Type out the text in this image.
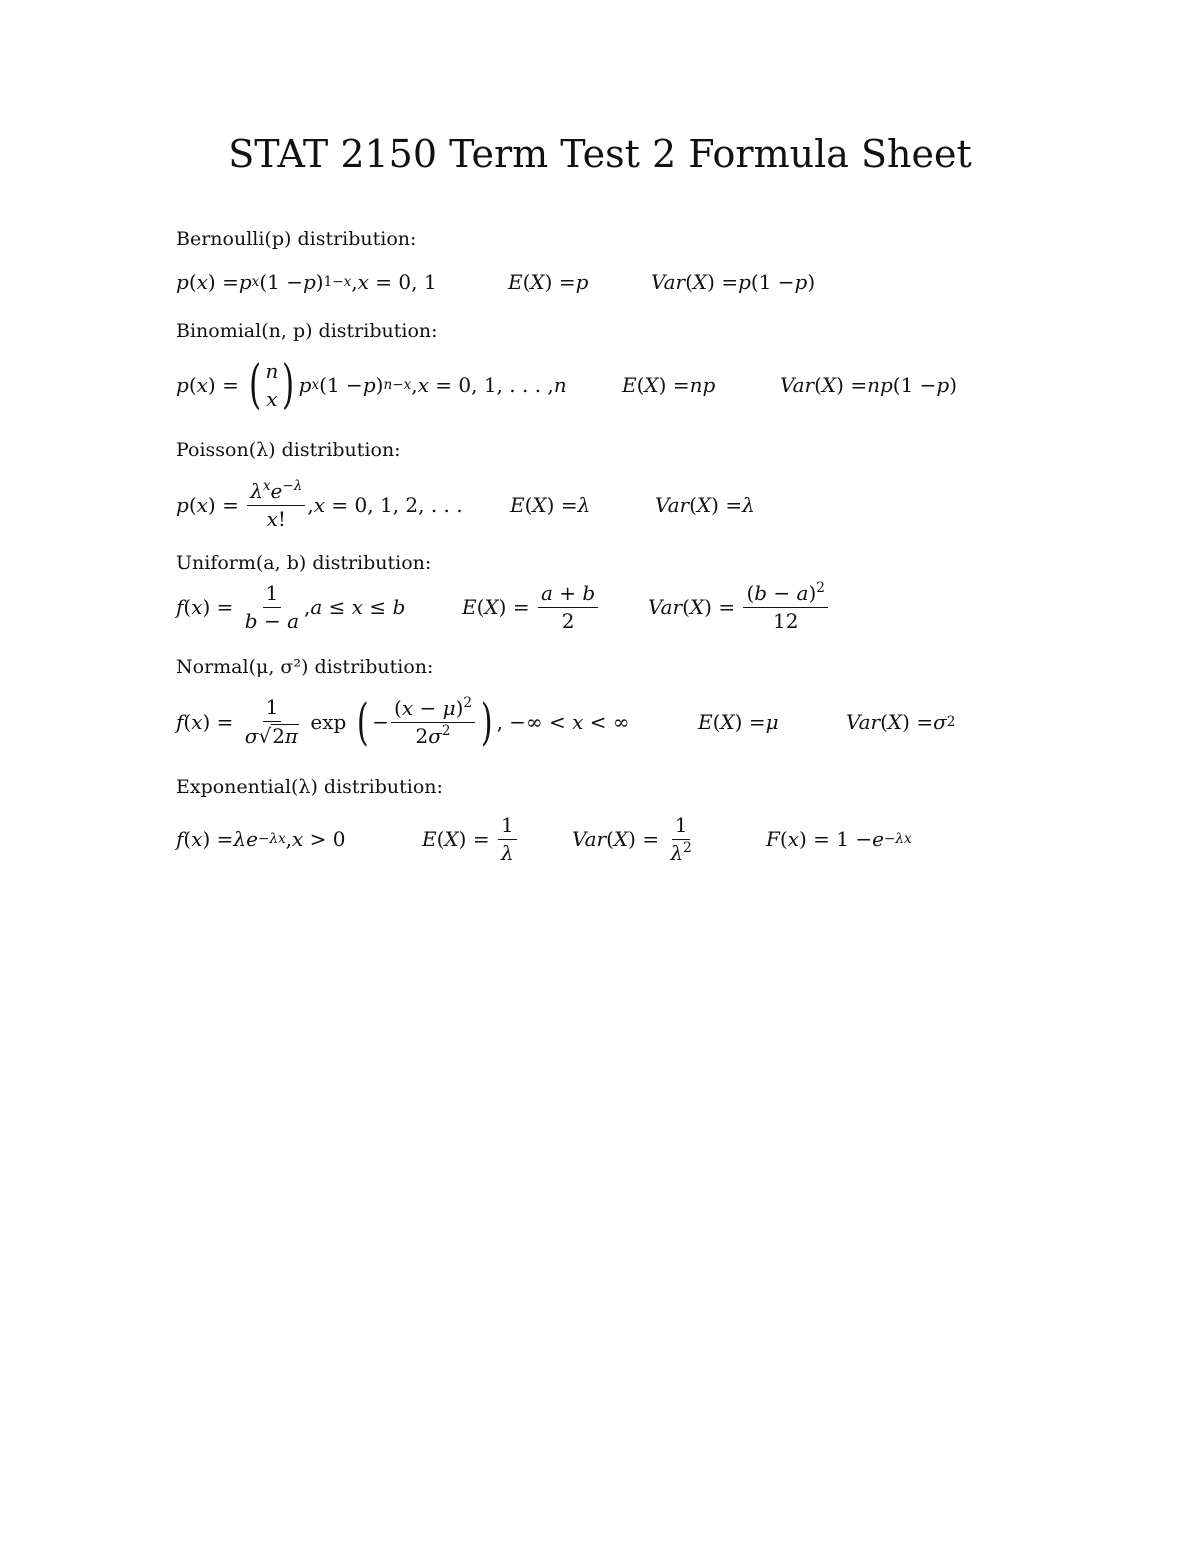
STAT 2150 Term Test 2 Formula Sheet
Bernoulli(p) distribution:
p ( x ) = p x (1 − p ) 1−x , x = 0, 1	E ( X ) = p	Var ( X ) = p (1 − p )
Binomial(n, p) distribution:
p ( x ) = ( n
x ) p x (1 − p ) n−x , x = 0, 1, . . . , n	E ( X ) = np	Var ( X ) = np (1 − p )
Poisson(λ) distribution:
p ( x ) = $\frac{\lambda^xe^{-\lambda}}{x!}$ , x = 0, 1, 2, . . . E ( X ) = λ	Var ( X ) = λ
Uniform(a, b) distribution:
f ( x ) = $\frac{1}{b - a}$ , a ≤ x ≤ b	E ( X ) = $\frac{a + b}{2}$ Var ( X ) = $\frac{(b - a)^2}{12}$
Normal(μ, σ²) distribution:
f ( x ) = $\frac{1}{\sigma√ 2\pi}$ exp ( − $\frac{(x - \mu)^2}{2\sigma^2}$ ) , −∞ < x < ∞	E ( X ) = μ	Var ( X ) = σ 2
Exponential(λ) distribution:
f ( x ) = λe −λx , x > 0	E ( X ) = $\frac{1}{\lambda}$	Var ( X ) = $\frac{1}{\lambda^2}$	F ( x ) = 1 − e −λx
